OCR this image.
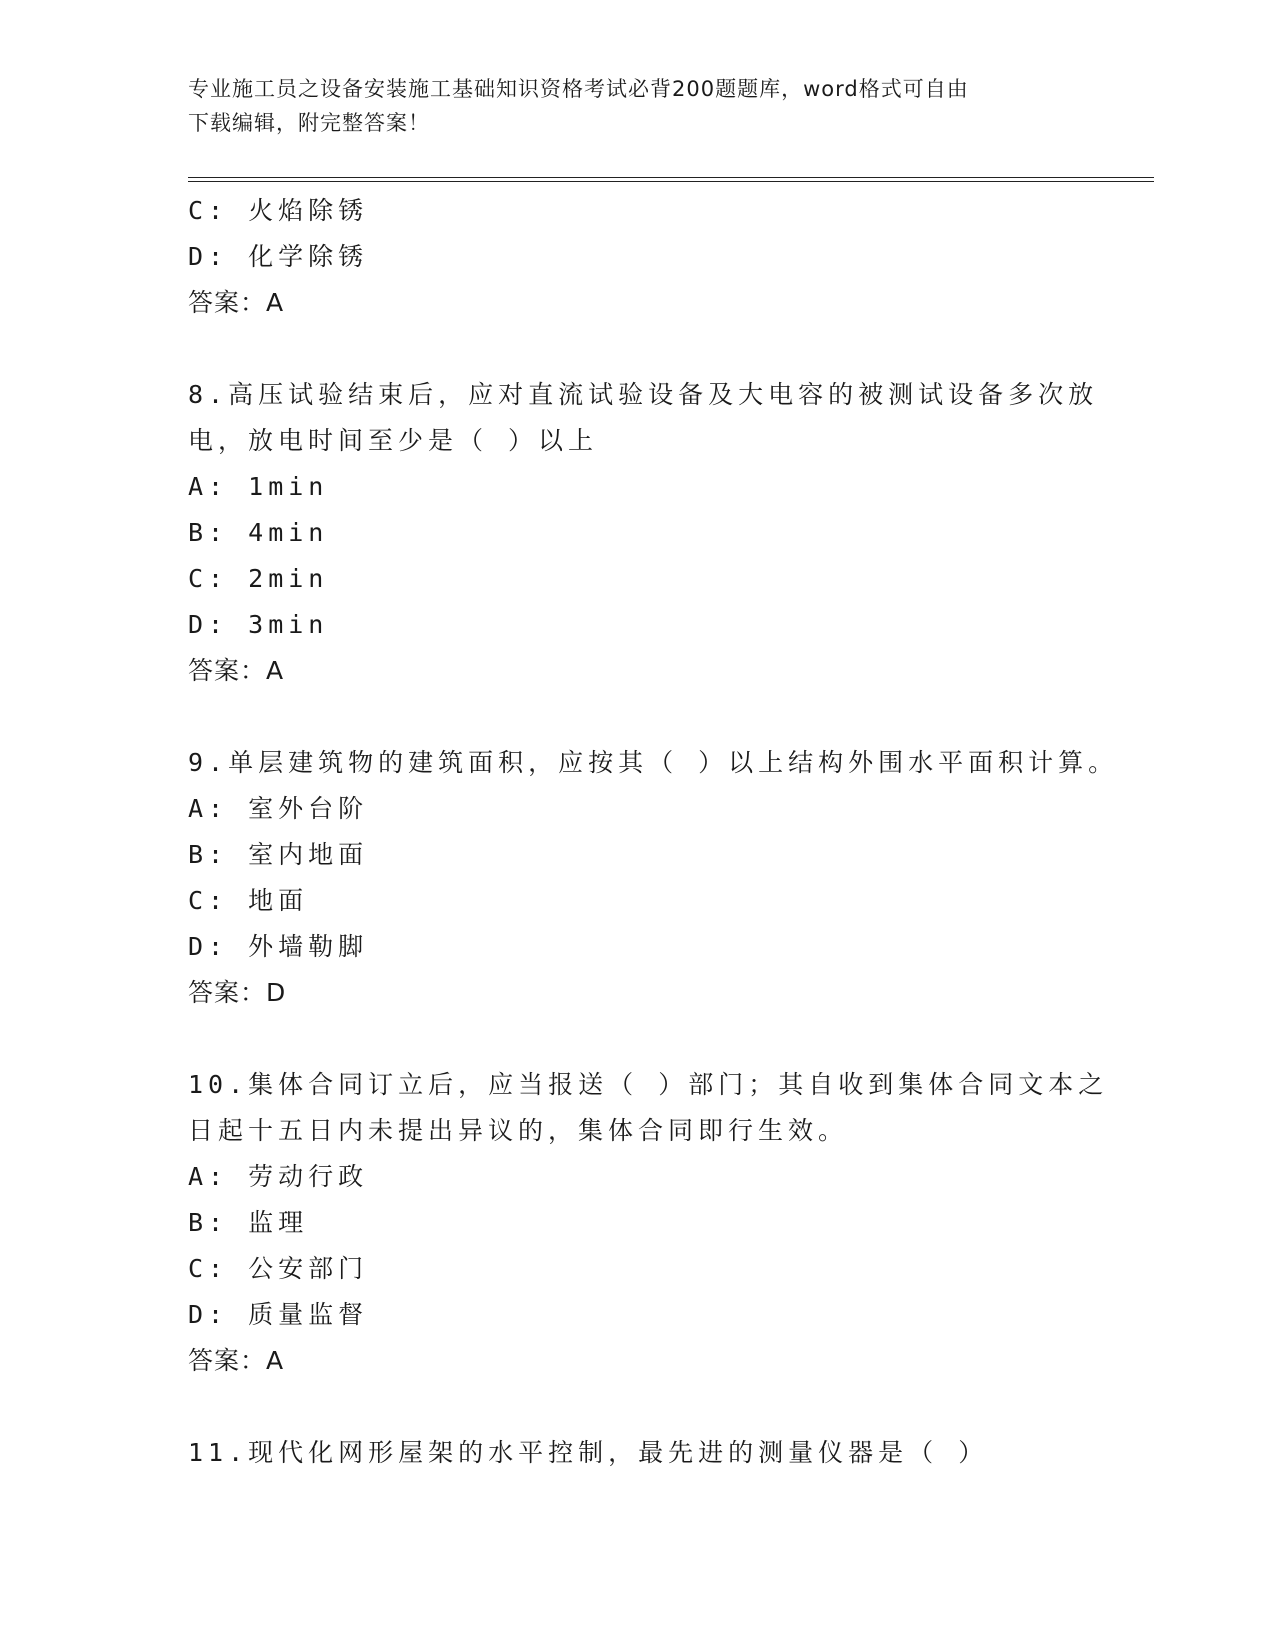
专业施工员之设备安装施工基础知识资格考试必背200题题库，word格式可自由
下载编辑，附完整答案！
C: 火焰除锈
D: 化学除锈
答案：A
8.高压试验结束后，应对直流试验设备及大电容的被测试设备多次放
电，放电时间至少是（ ）以上
A: 1min
B: 4min
C: 2min
D: 3min
答案：A
9.单层建筑物的建筑面积，应按其（ ）以上结构外围水平面积计算。
A: 室外台阶
B: 室内地面
C: 地面
D: 外墙勒脚
答案：D
10.集体合同订立后，应当报送（ ）部门；其自收到集体合同文本之
日起十五日内未提出异议的，集体合同即行生效。
A: 劳动行政
B: 监理
C: 公安部门
D: 质量监督
答案：A
11.现代化网形屋架的水平控制，最先进的测量仪器是（ ）
